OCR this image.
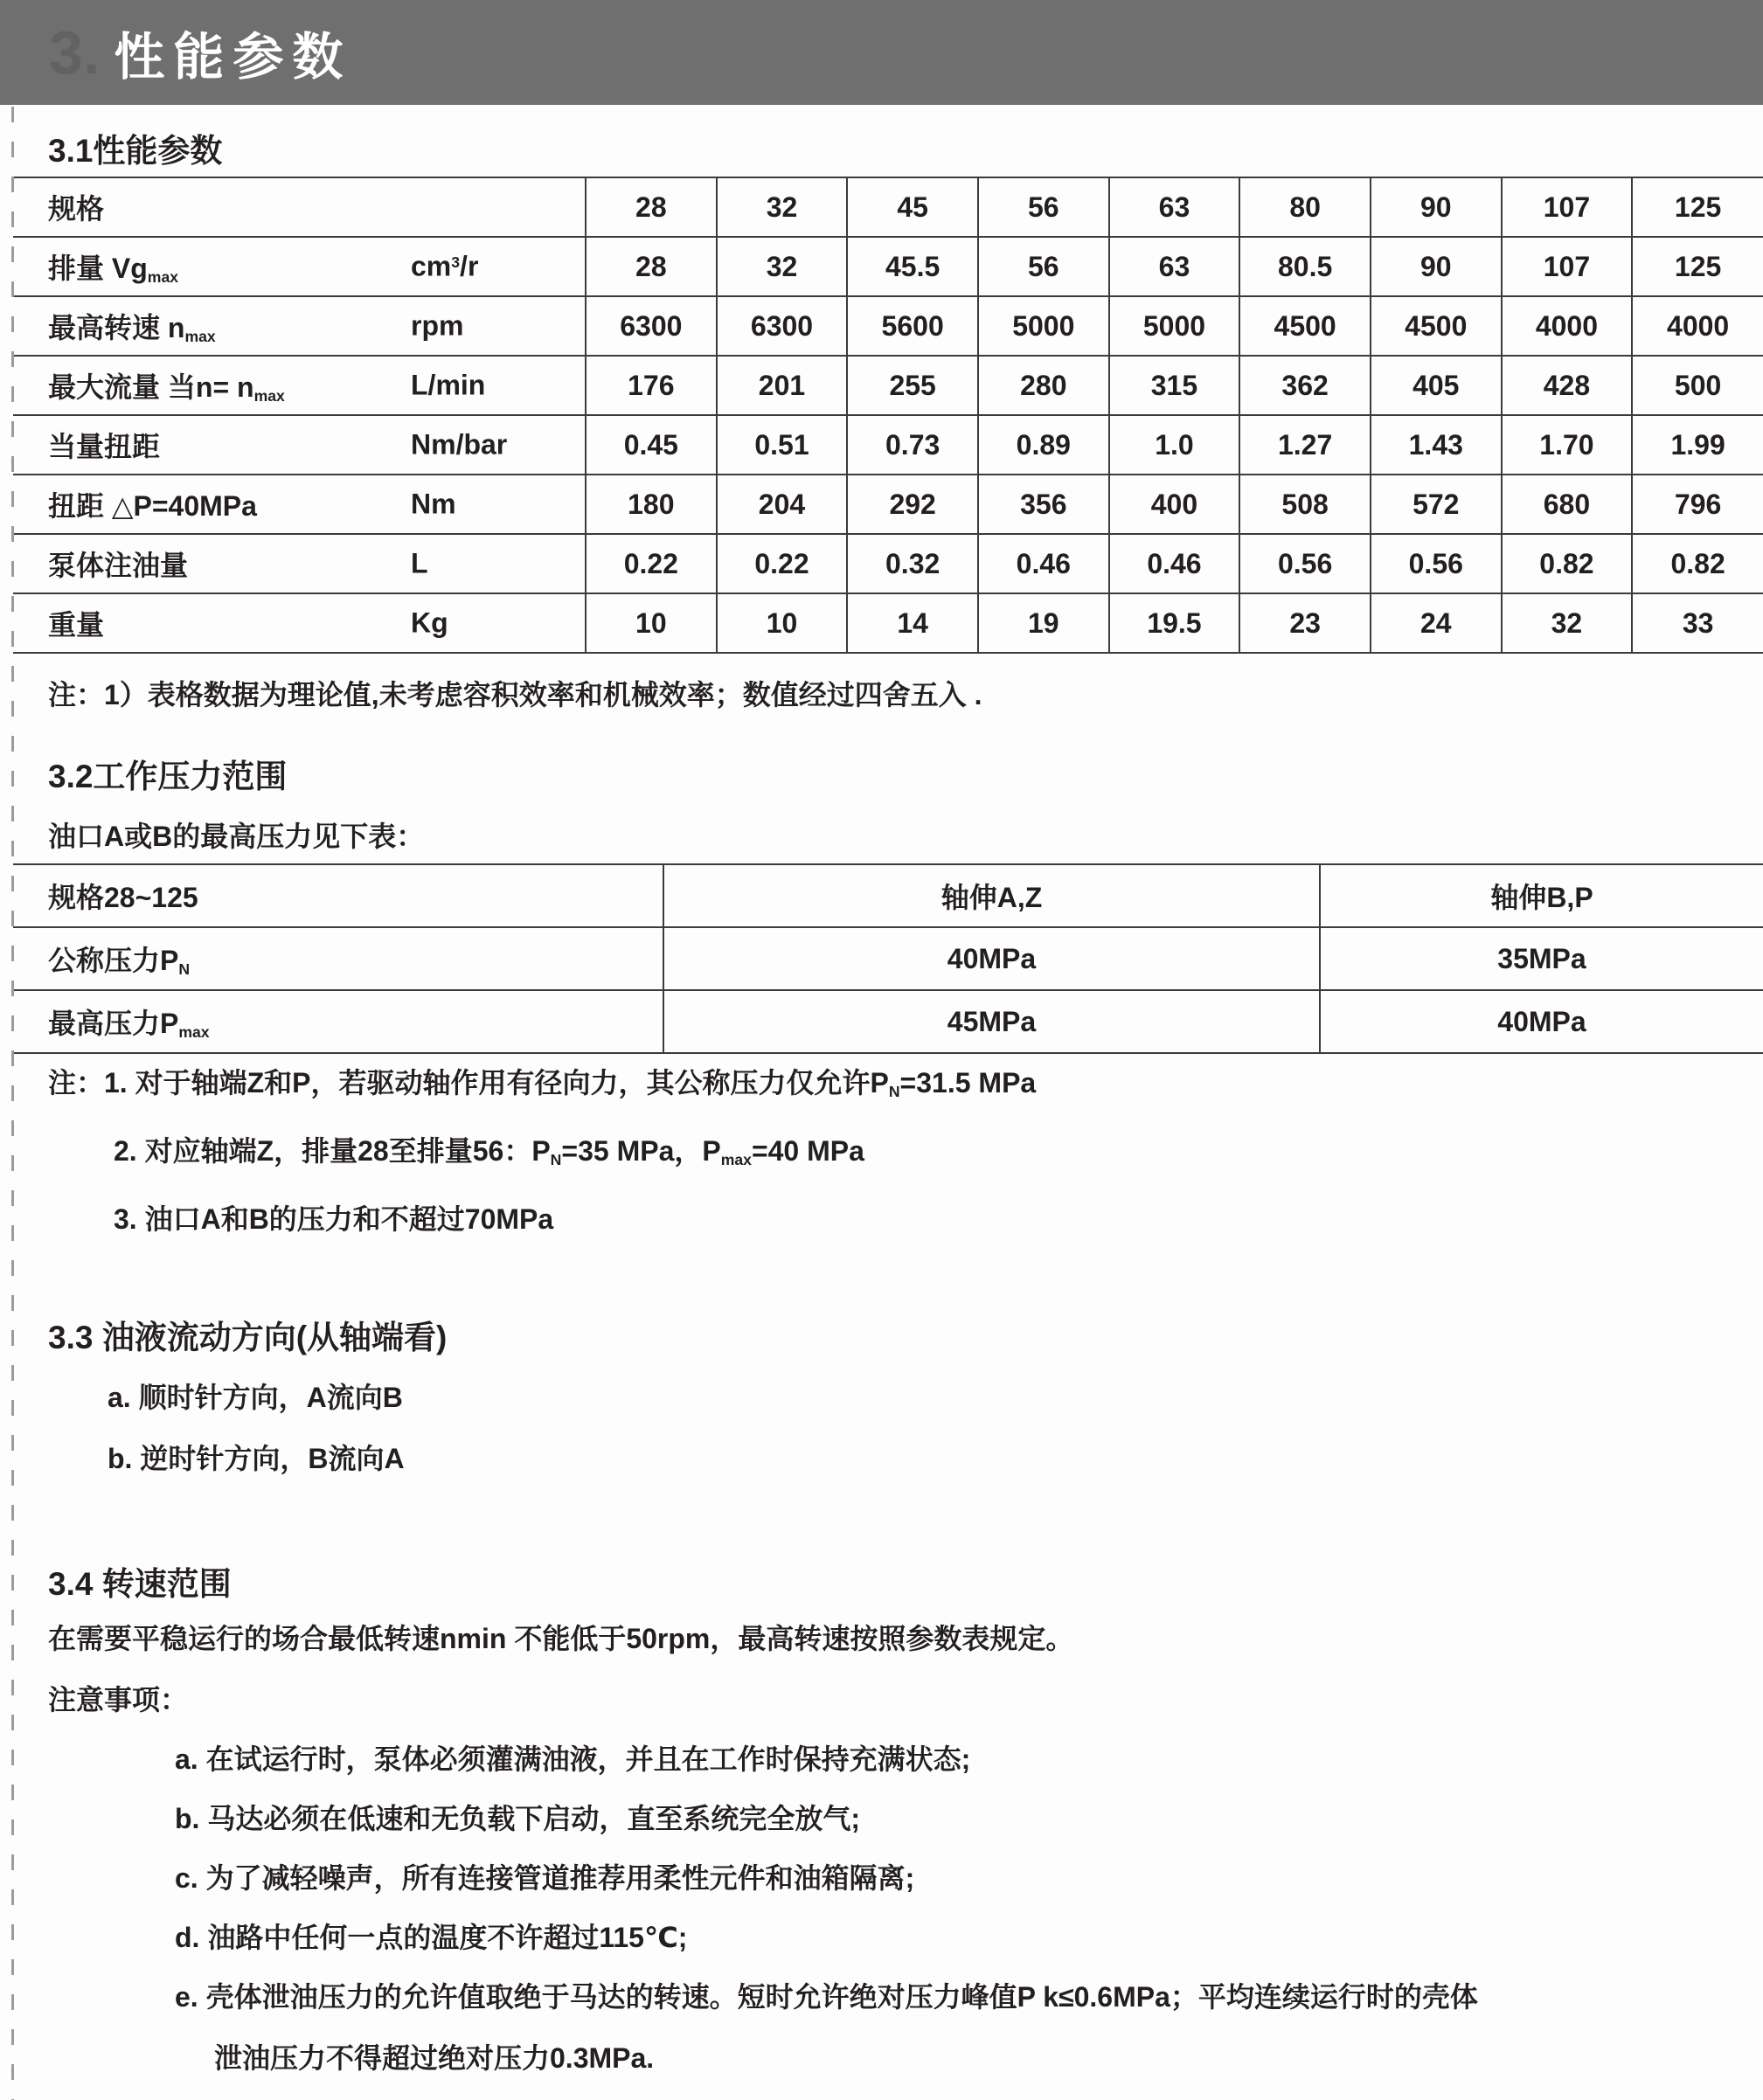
3. 性能参数
3.1性能参数
规格	28	32	45	56	63	80	90	107	125
排量 Vgmax $cm^3/r$	28	32	45.5	56	63	80.5	90	107	125
最高转速 nmax rpm	6300	6300	5600	5000	5000	4500	4500	4000	4000
最大流量 当n= nmax L/min	176	201	255	280	315	362	405	428	500
当量扭距 Nm/bar	0.45	0.51	0.73	0.89	1.0	1.27	1.43	1.70	1.99
扭距 △P=40MPa Nm	180	204	292	356	400	508	572	680	796
泵体注油量 L	0.22	0.22	0.32	0.46	0.46	0.56	0.56	0.82	0.82
重量 Kg	10	10	14	19	19.5	23	24	32	33
注：1）表格数据为理论值,未考虑容积效率和机械效率；数值经过四舍五入 .
3.2工作压力范围
油口A或B的最高压力见下表：
规格28~125	轴伸A,Z	轴伸B,P
公称压力PN	40MPa	35MPa
最高压力Pmax	45MPa	40MPa
注：1. 对于轴端Z和P，若驱动轴作用有径向力，其公称压力仅允许PN=31.5 MPa
2. 对应轴端Z，排量28至排量56：PN=35 MPa，Pmax=40 MPa
3. 油口A和B的压力和不超过70MPa
3.3 油液流动方向(从轴端看)
a. 顺时针方向，A流向B
b. 逆时针方向，B流向A
3.4 转速范围
在需要平稳运行的场合最低转速nmin 不能低于50rpm，最高转速按照参数表规定。
注意事项：
a. 在试运行时，泵体必须灌满油液，并且在工作时保持充满状态;
b. 马达必须在低速和无负载下启动，直至系统完全放气;
c. 为了减轻噪声，所有连接管道推荐用柔性元件和油箱隔离;
d. 油路中任何一点的温度不许超过115℃;
e. 壳体泄油压力的允许值取绝于马达的转速。短时允许绝对压力峰值P k≤0.6MPa；平均连续运行时的壳体
泄油压力不得超过绝对压力0.3MPa.
